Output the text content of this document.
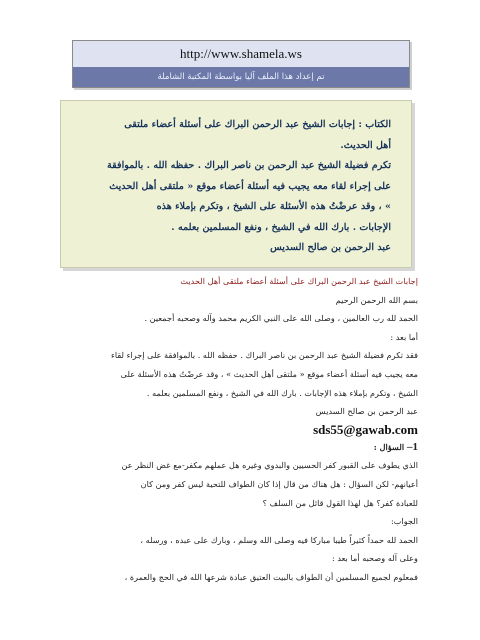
http://www.shamela.ws
تم إعداد هذا الملف آليا بواسطة المكتبة الشاملة
الكتاب : إجابات الشيخ عبد الرحمن البراك على أسئلة أعضاء ملتقى
أهل الحديث.
تكرم فضيلة الشيخ عبد الرحمن بن ناصر البراك . حفظه الله . بالموافقة
على إجراء لقاء معه يجيب فيه أسئلة أعضاء موقع « ملتقى أهل الحديث
» ، وقد عرضْتُ هذه الأسئلة على الشيخ ، وتكرم بإملاء هذه
الإجابات . بارك الله في الشيخ ، ونفع المسلمين بعلمه .
عبد الرحمن بن صالح السديس

إجابات الشيخ عبد الرحمن البراك على أسئلة أعضاء ملتقى أهل الحديث

بسم الله الرحمن الرحيم

الحمد لله رب العالمين ، وصلى الله على النبي الكريم محمد وآله وصحبه أجمعين .

أما بعد :

فقد تكرم فضيلة الشيخ عبد الرحمن بن ناصر البراك . حفظه الله . بالموافقة على إجراء لقاء

معه يجيب فيه أسئلة أعضاء موقع « ملتقى أهل الحديث » ، وقد عرضْتُ هذه الأسئلة على

الشيخ ، وتكرم بإملاء هذه الإجابات . بارك الله في الشيخ ، ونفع المسلمين بعلمه .

عبد الرحمن بن صالح السديس

sds55@gawab.com

1– السؤال :

الذي يطوف على القبور كفر الحسيين والبدوي وغيره هل عملهم مكفر-مع غض النظر عن

أعيانهم- لكن السؤال : هل هناك من قال إذا كان الطواف للتحية ليس كفر ومن كان

للعبادة كفر؟ هل لهذا القول قائل من السلف ؟

الجواب:

الحمد لله حمداً كثيراً طيبا مباركا فيه وصلى الله وسلم ، وبارك على عبده ، ورسله ،

وعلى آله وصحبه أما بعد :

فمعلوم لجميع المسلمين أن الطواف بالبيت العتيق عبادة شرعها الله في الحج والعمرة ،
